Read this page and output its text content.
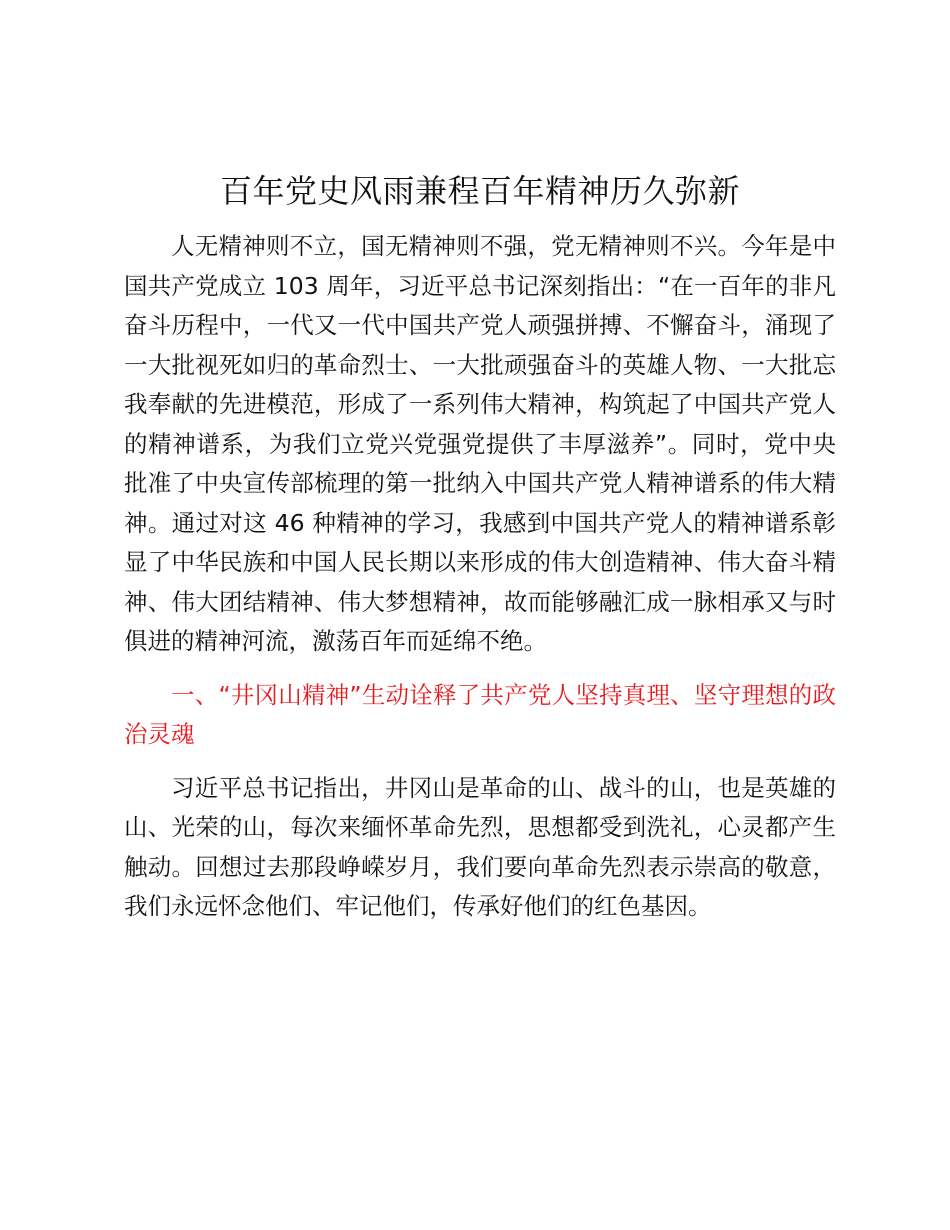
百年党史风雨兼程百年精神历久弥新

人无精神则不立，国无精神则不强，党无精神则不兴。今年是中国共产党成立 103 周年，习近平总书记深刻指出：“在一百年的非凡奋斗历程中，一代又一代中国共产党人顽强拼搏、不懈奋斗，涌现了一大批视死如归的革命烈士、一大批顽强奋斗的英雄人物、一大批忘我奉献的先进模范，形成了一系列伟大精神，构筑起了中国共产党人的精神谱系，为我们立党兴党强党提供了丰厚滋养”。同时，党中央批准了中央宣传部梳理的第一批纳入中国共产党人精神谱系的伟大精神。通过对这 46 种精神的学习，我感到中国共产党人的精神谱系彰显了中华民族和中国人民长期以来形成的伟大创造精神、伟大奋斗精神、伟大团结精神、伟大梦想精神，故而能够融汇成一脉相承又与时俱进的精神河流，激荡百年而延绵不绝。

一、“井冈山精神”生动诠释了共产党人坚持真理、坚守理想的政治灵魂

习近平总书记指出，井冈山是革命的山、战斗的山，也是英雄的山、光荣的山，每次来缅怀革命先烈，思想都受到洗礼，心灵都产生触动。回想过去那段峥嵘岁月，我们要向革命先烈表示崇高的敬意，我们永远怀念他们、牢记他们，传承好他们的红色基因。
